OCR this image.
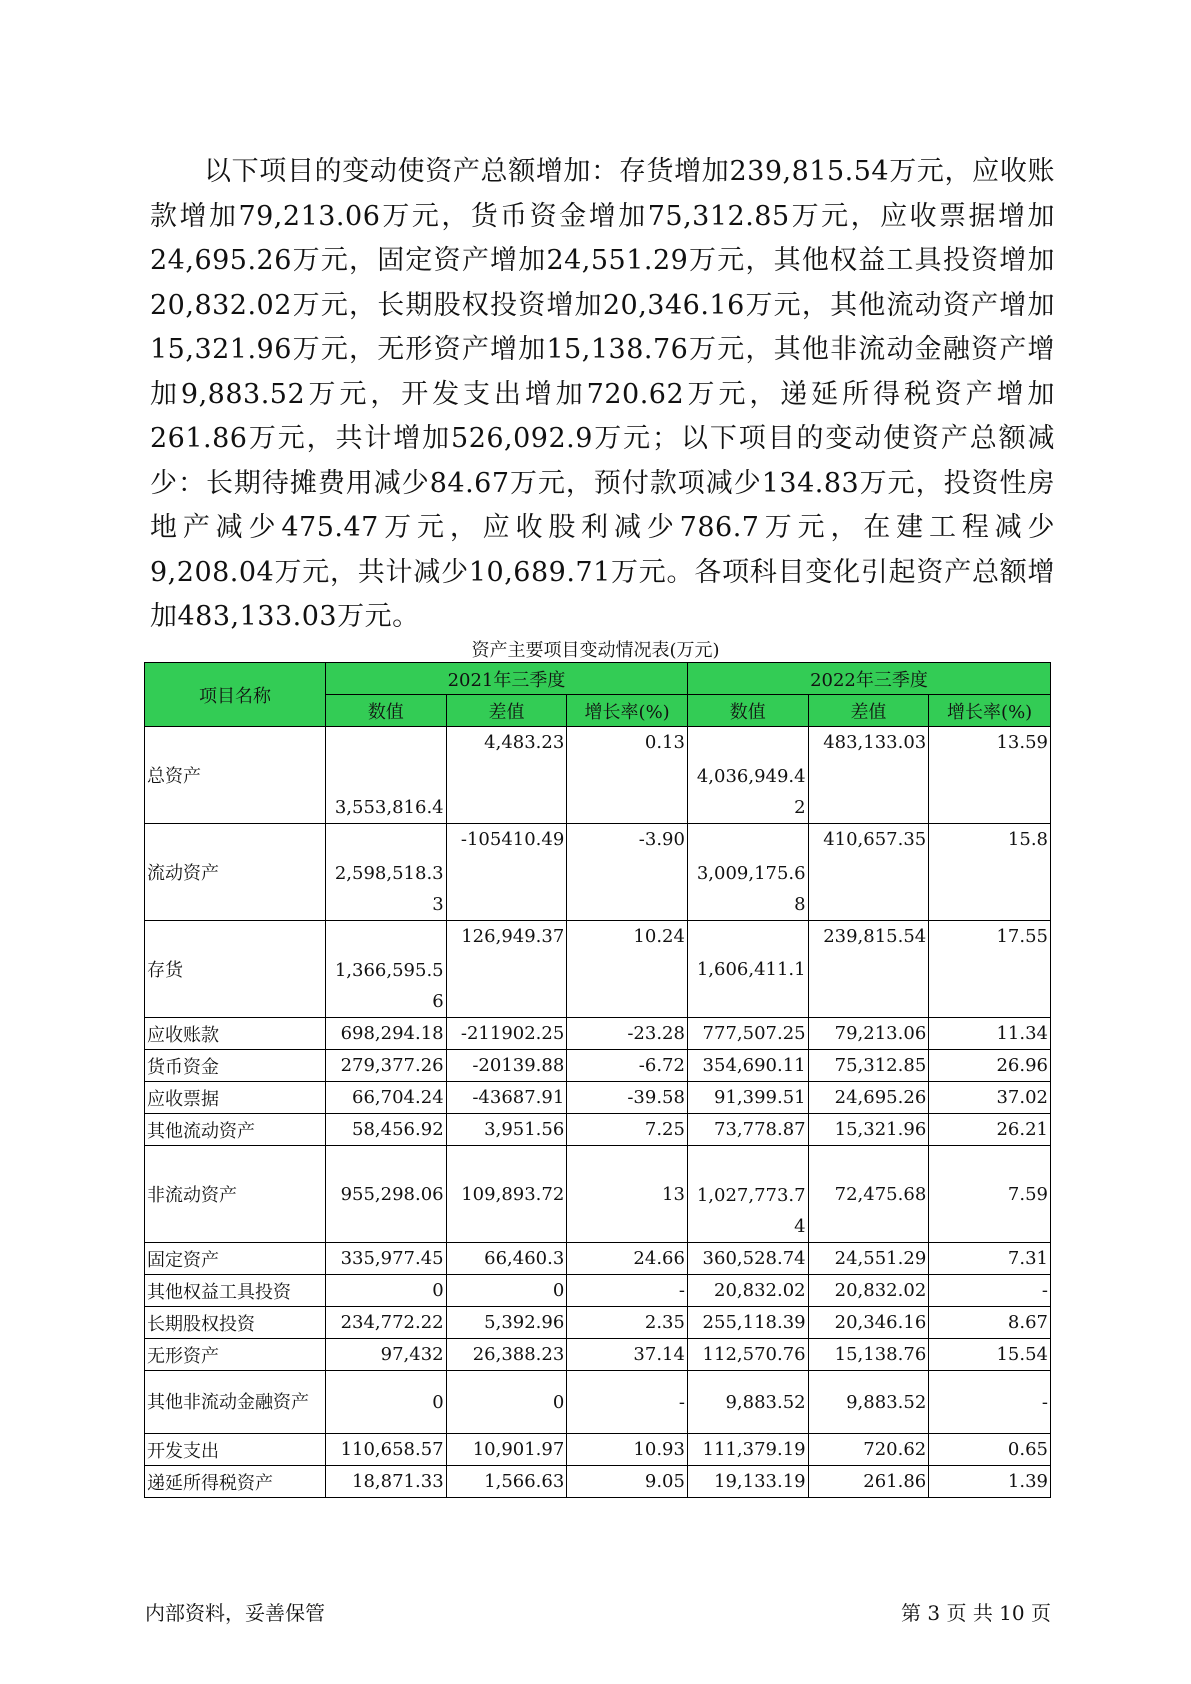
以下项目的变动使资产总额增加：存货增加239,815.54万元，应收账款增加79,213.06万元，货币资金增加75,312.85万元，应收票据增加24,695.26万元，固定资产增加24,551.29万元，其他权益工具投资增加20,832.02万元，长期股权投资增加20,346.16万元，其他流动资产增加15,321.96万元，无形资产增加15,138.76万元，其他非流动金融资产增加9,883.52万元，开发支出增加720.62万元，递延所得税资产增加261.86万元，共计增加526,092.9万元；以下项目的变动使资产总额减少：长期待摊费用减少84.67万元，预付款项减少134.83万元，投资性房地产减少475.47万元，应收股利减少786.7万元，在建工程减少9,208.04万元，共计减少10,689.71万元。各项科目变化引起资产总额增加483,133.03万元。

资产主要项目变动情况表(万元)
项目名称	2021年三季度			2022年三季度		
	数值	差值	增长率(%)	数值	差值	增长率(%)
总资产	3,553,816.4	4,483.23	0.13	4,036,949.42	483,133.03	13.59
流动资产	2,598,518.33	-105410.49	-3.90	3,009,175.68	410,657.35	15.8
存货	1,366,595.56	126,949.37	10.24	1,606,411.1	239,815.54	17.55
应收账款	698,294.18	-211902.25	-23.28	777,507.25	79,213.06	11.34
货币资金	279,377.26	-20139.88	-6.72	354,690.11	75,312.85	26.96
应收票据	66,704.24	-43687.91	-39.58	91,399.51	24,695.26	37.02
其他流动资产	58,456.92	3,951.56	7.25	73,778.87	15,321.96	26.21
非流动资产	955,298.06	109,893.72	13	1,027,773.74	72,475.68	7.59
固定资产	335,977.45	66,460.3	24.66	360,528.74	24,551.29	7.31
其他权益工具投资	0	0	-	20,832.02	20,832.02	-
长期股权投资	234,772.22	5,392.96	2.35	255,118.39	20,346.16	8.67
无形资产	97,432	26,388.23	37.14	112,570.76	15,138.76	15.54
其他非流动金融资产	0	0	-	9,883.52	9,883.52	-
开发支出	110,658.57	10,901.97	10.93	111,379.19	720.62	0.65
递延所得税资产	18,871.33	1,566.63	9.05	19,133.19	261.86	1.39
内部资料，妥善保管	第 3 页 共 10 页
